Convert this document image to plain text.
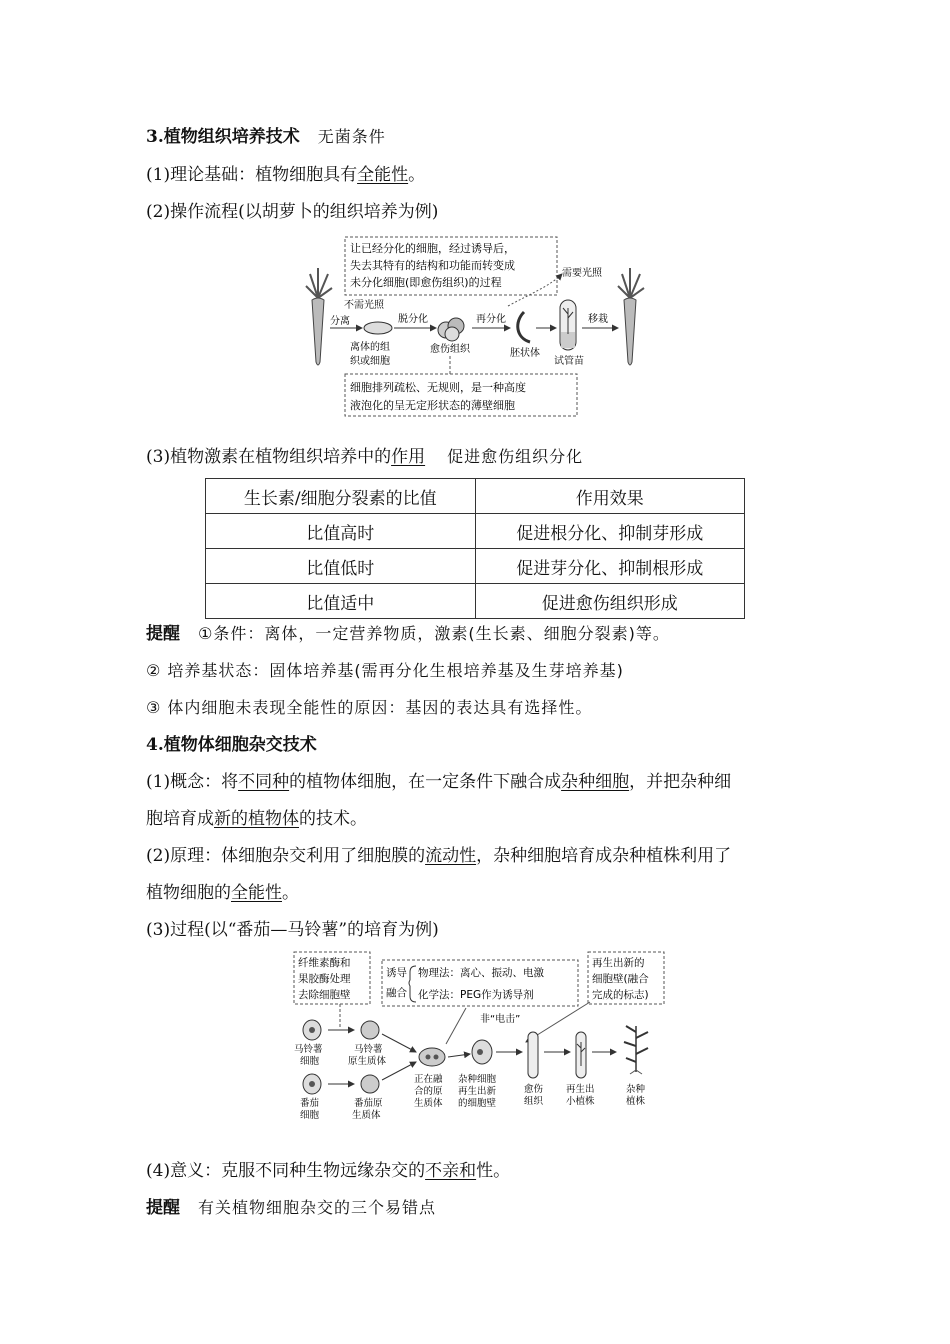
3.植物组织培养技术 无菌条件
(1)理论基础：植物细胞具有全能性。
(2)操作流程(以胡萝卜的组织培养为例)
让已经分化的细胞，经过诱导后，
失去其特有的结构和功能而转变成
未分化细胞(即愈伤组织)的过程
不需光照
需要光照
分离	脱分化	再分化	移栽
离体的组
织或细胞
愈伤组织	胚状体
试管苗
细胞排列疏松、无规则，是一种高度
液泡化的呈无定形状态的薄壁细胞
(3)植物激素在植物组织培养中的作用 促进愈伤组织分化
生长素/细胞分裂素的比值	作用效果
比值高时	促进根分化、抑制芽形成
比值低时	促进芽分化、抑制根形成
比值适中	促进愈伤组织形成
提醒 ①条件：离体，一定营养物质，激素(生长素、细胞分裂素)等。
② 培养基状态：固体培养基(需再分化生根培养基及生芽培养基)
③ 体内细胞未表现全能性的原因：基因的表达具有选择性。
4.植物体细胞杂交技术
(1)概念：将不同种的植物体细胞，在一定条件下融合成杂种细胞，并把杂种细
胞培育成新的植物体的技术。
(2)原理：体细胞杂交利用了细胞膜的流动性，杂种细胞培育成杂种植株利用了
植物细胞的全能性。
(3)过程(以“番茄—马铃薯”的培育为例)
纤维素酶和
果胶酶处理
去除细胞壁
诱导
融合
物理法：离心、振动、电激
化学法：PEG作为诱导剂
再生出新的
细胞壁(融合
完成的标志)
非“电击”
马铃薯
细胞
马铃薯
原生质体
番茄
细胞
番茄原
生质体
正在融
合的原
生质体
杂种细胞
再生出新
的细胞壁
愈伤
组织
再生出
小植株
杂种
植株
(4)意义：克服不同种生物远缘杂交的不亲和性。
提醒 有关植物细胞杂交的三个易错点
